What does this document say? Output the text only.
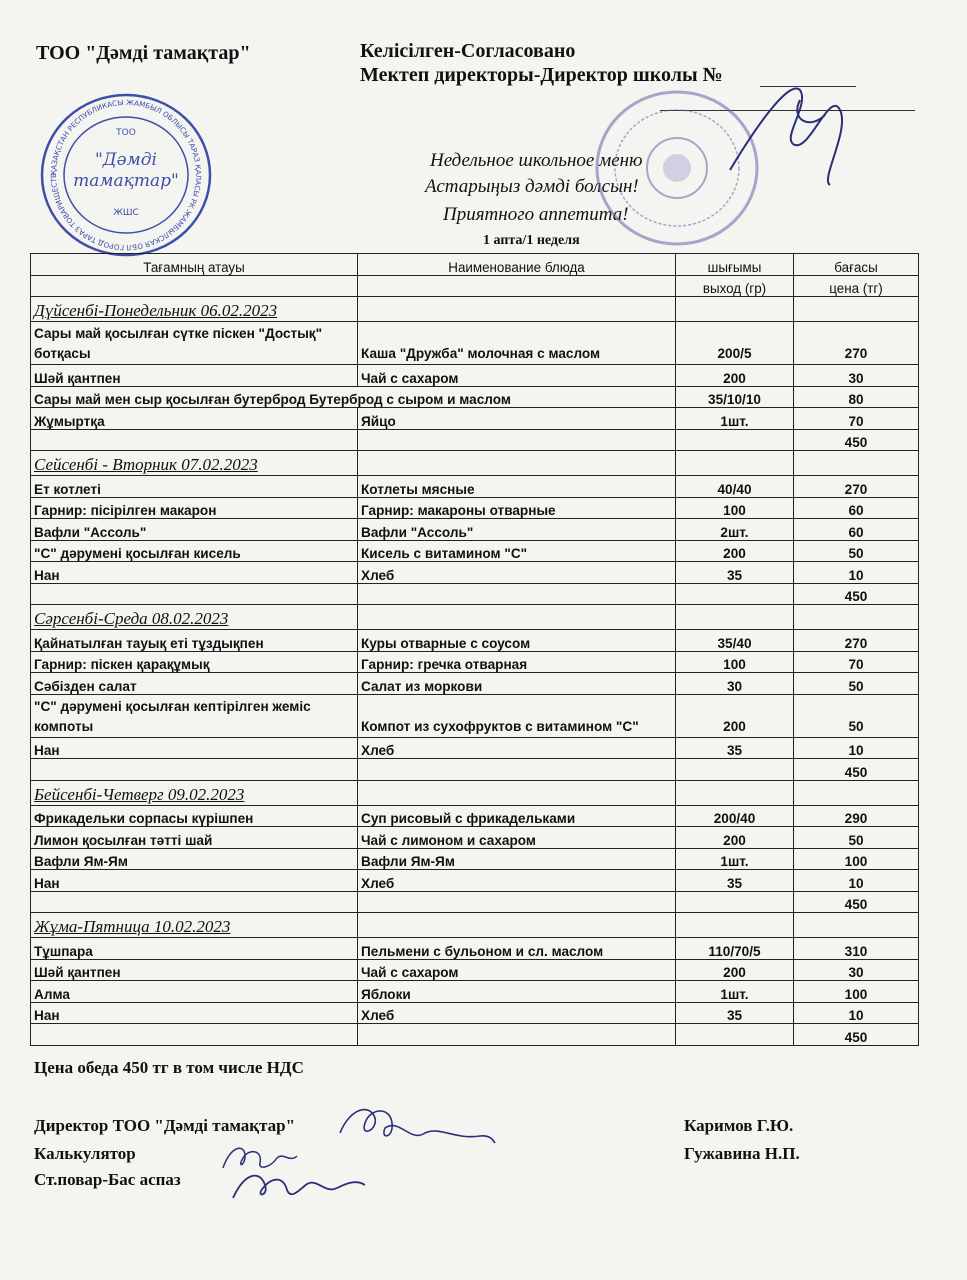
ТОО "Дәмді тамақтар"	Келісілген-Согласовано
Мектеп директоры-Директор школы №
Недельное школьное меню
Астарыңыз дәмді болсын!
Приятного аппетита!
1 апта/1 неделя
ҚАЗАҚСТАН РЕСПУБЛИКАСЫ ЖАМБЫЛ ОБЛЫСЫ ТАРАЗ ҚАЛАСЫ РК ЖАМБЫЛСКАЯ ОБЛ ГОРОД ТАРАЗ ТОВАРИЩЕСТВО С ОГРАНИЧЕННОЙ ОТВЕТСТВЕННОСТЬЮ ЖАУАПКЕРШІЛІГІ ШЕКТЕУЛІ СЕРІКТЕСТІГІ
ТОО
"Дәмді
тамақтар"
ЖШС
Тағамның атауы	Наименование блюда	шығымы	бағасы
		выход (гр)	цена (тг)
Дүйсенбі-Понедельник 06.02.2023			
Сары май қосылған сүтке піскен "Достық" ботқасы	Каша "Дружба" молочная с маслом	200/5	270
Шәй қантпен	Чай с сахаром	200	30
Сары май мен сыр қосылған бутерброд Бутерброд с сыром и маслом		35/10/10	80
Жұмыртқа	Яйцо	1шт.	70
			450
Сейсенбі - Вторник 07.02.2023			
Ет котлеті	Котлеты мясные	40/40	270
Гарнир: пісірілген макарон	Гарнир: макароны отварные	100	60
Вафли "Ассоль"	Вафли "Ассоль"	2шт.	60
"С" дәрумені қосылған кисель	Кисель с витамином "С"	200	50
Нан	Хлеб	35	10
			450
Сәрсенбі-Среда 08.02.2023			
Қайнатылған тауық еті тұздықпен	Куры отварные с соусом	35/40	270
Гарнир: піскен қарақұмық	Гарнир: гречка отварная	100	70
Сәбізден салат	Салат из моркови	30	50
"С" дәрумені қосылған кептірілген жеміс компоты	Компот из сухофруктов с витамином "С"	200	50
Нан	Хлеб	35	10
			450
Бейсенбі-Четверг 09.02.2023			
Фрикадельки сорпасы күрішпен	Суп рисовый с фрикадельками	200/40	290
Лимон қосылған тәтті шай	Чай с лимоном и сахаром	200	50
Вафли Ям-Ям	Вафли Ям-Ям	1шт.	100
Нан	Хлеб	35	10
			450
Жұма-Пятница 10.02.2023			
Тұшпара	Пельмени с бульоном и сл. маслом	110/70/5	310
Шәй қантпен	Чай с сахаром	200	30
Алма	Яблоки	1шт.	100
Нан	Хлеб	35	10
			450
Цена обеда 450 тг в том числе НДС
Директор ТОО "Дәмді тамақтар"	Каримов Г.Ю.
Калькулятор	Гужавина Н.П.
Ст.повар-Бас аспаз
